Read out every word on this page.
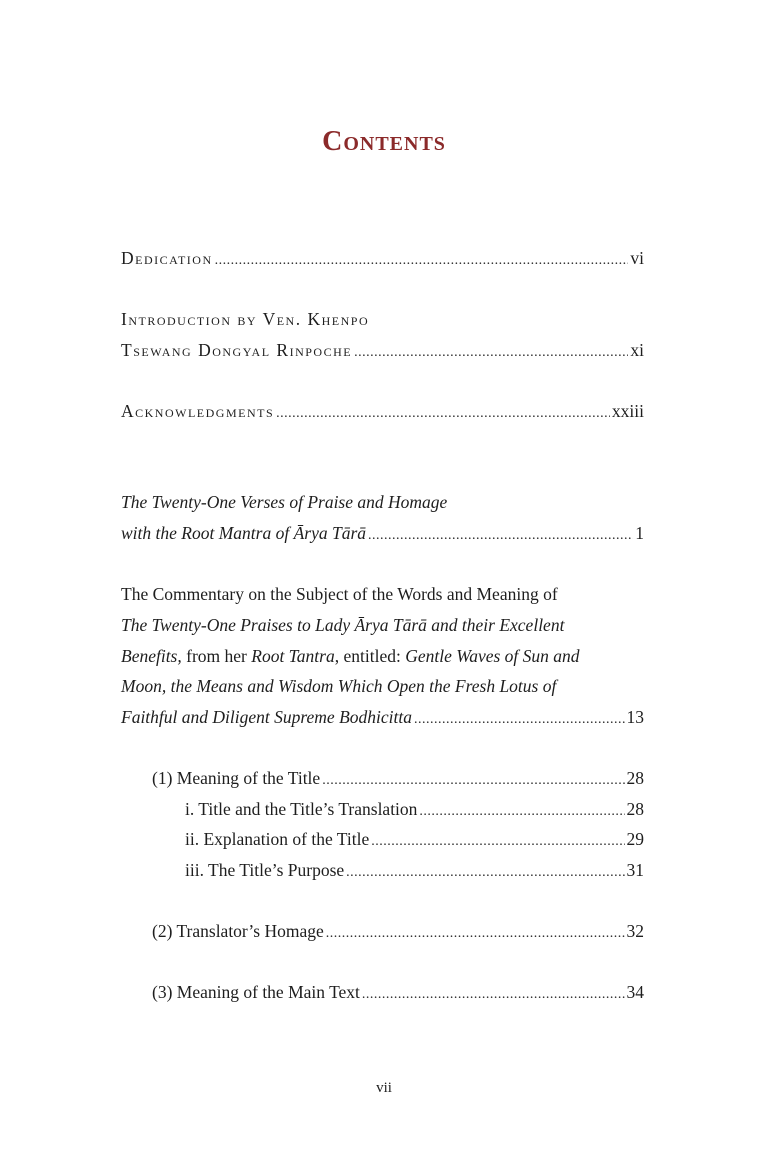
Contents
Dedication . . .	vi
Introduction by Ven. Khenpo
Tsewang Dongyal Rinpoche . . .	xi
Acknowledgments . . .	xxiii
The Twenty-One Verses of Praise and Homage
with the Root Mantra of Ārya Tārā . . .	1
The Commentary on the Subject of the Words and Meaning of
The Twenty-One Praises to Lady Ārya Tārā and their Excellent
Benefits, from her Root Tantra, entitled: Gentle Waves of Sun and
Moon, the Means and Wisdom Which Open the Fresh Lotus of
Faithful and Diligent Supreme Bodhicitta . . .	13
(1) Meaning of the Title . . .	28
i. Title and the Title’s Translation . . .	28
ii. Explanation of the Title . . .	29
iii. The Title’s Purpose . . .	31
(2) Translator’s Homage . . .	32
(3) Meaning of the Main Text . . .	34
vii
